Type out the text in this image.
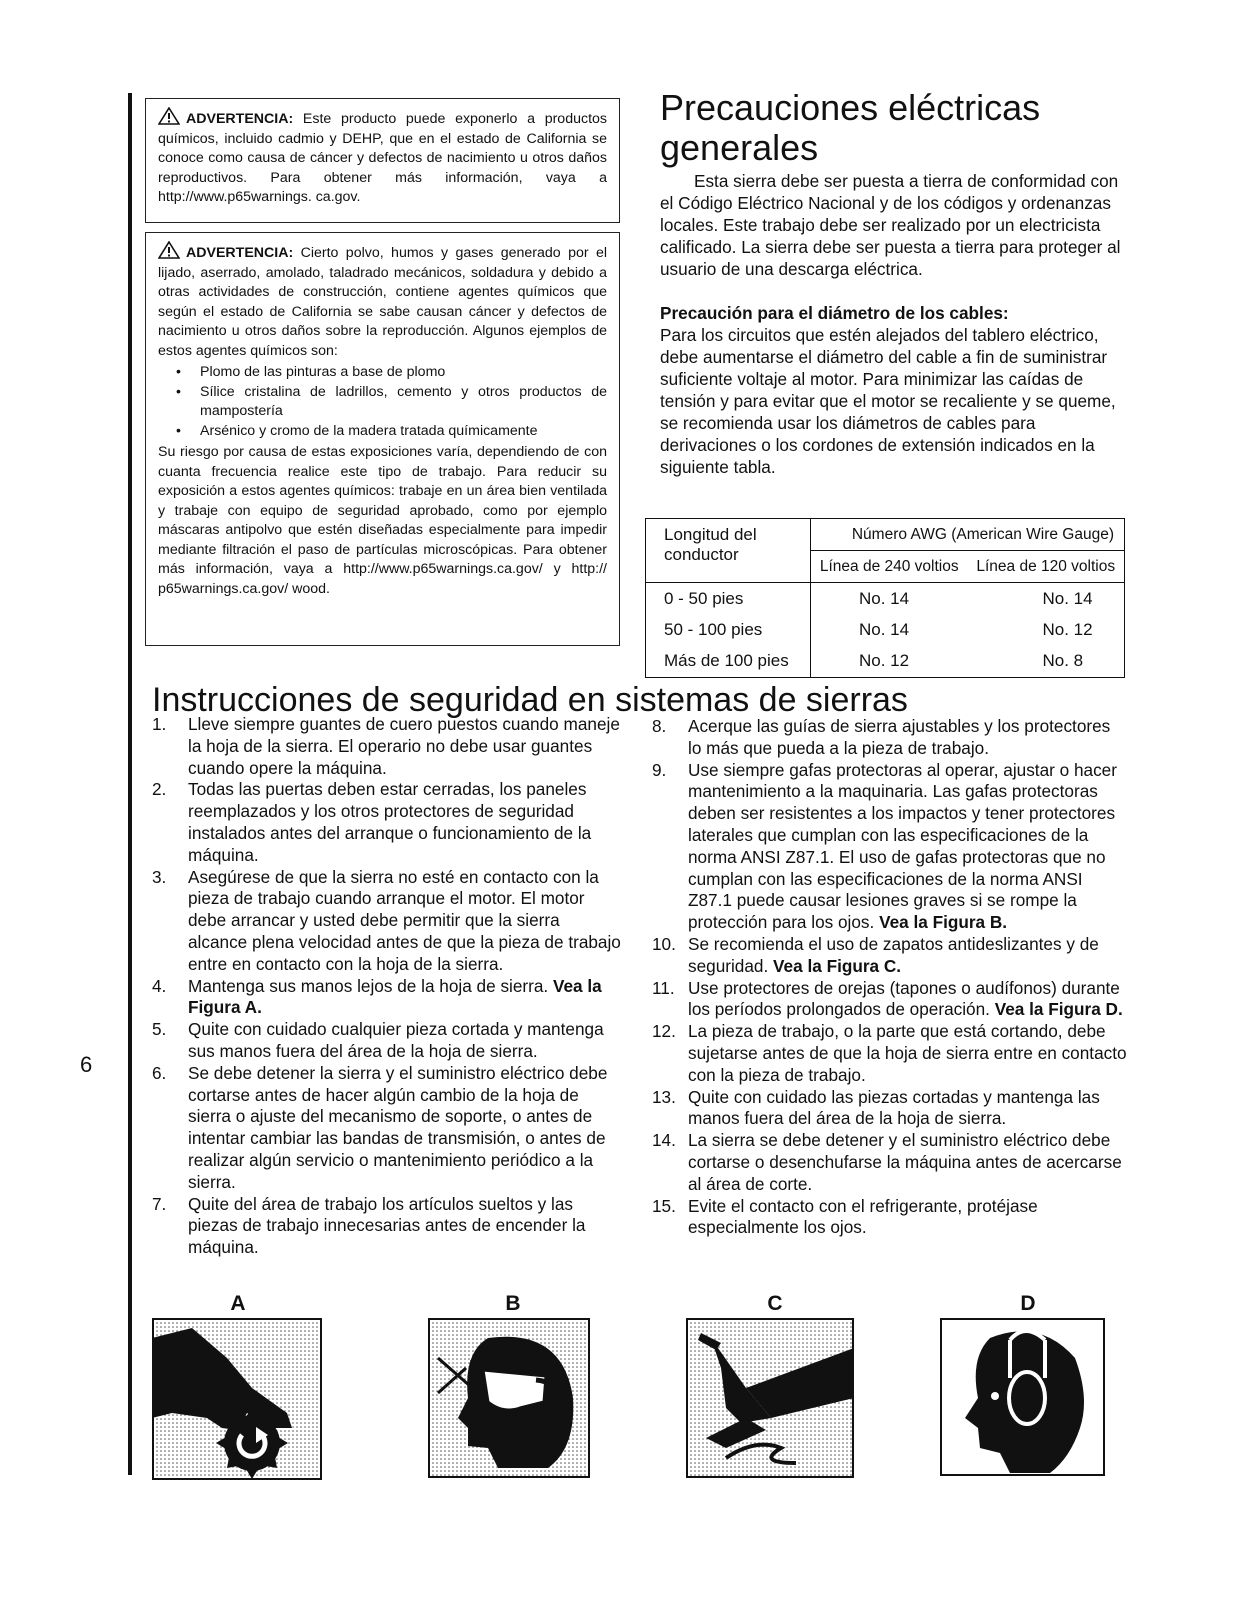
6
ADVERTENCIA: Este producto puede exponerlo a productos químicos, incluido cadmio y DEHP, que en el estado de California se conoce como causa de cáncer y defectos de nacimiento u otros daños reproductivos. Para obtener más información, vaya a http://www.p65warnings. ca.gov.
ADVERTENCIA: Cierto polvo, humos y gases generado por el lijado, aserrado, amolado, taladrado mecánicos, soldadura y debido a otras actividades de construcción, contiene agentes químicos que según el estado de California se sabe causan cáncer y defectos de nacimiento u otros daños sobre la reproducción. Algunos ejemplos de estos agentes químicos son:
• Plomo de las pinturas a base de plomo
• Sílice cristalina de ladrillos, cemento y otros productos de mampostería
• Arsénico y cromo de la madera tratada químicamente
Su riesgo por causa de estas exposiciones varía, dependiendo de con cuanta frecuencia realice este tipo de trabajo. Para reducir su exposición a estos agentes químicos: trabaje en un área bien ventilada y trabaje con equipo de seguridad aprobado, como por ejemplo máscaras antipolvo que estén diseñadas especialmente para impedir mediante filtración el paso de partículas microscópicas. Para obtener más información, vaya a http://www.p65warnings.ca.gov/ y http:// p65warnings.ca.gov/ wood.
Precauciones eléctricas
generales

Esta sierra debe ser puesta a tierra de conformidad con el Código Eléctrico Nacional y de los códigos y ordenanzas locales. Este trabajo debe ser realizado por un electricista calificado. La sierra debe ser puesta a tierra para proteger al usuario de una descarga eléctrica.

Precaución para el diámetro de los cables:

Para los circuitos que estén alejados del tablero eléctrico, debe aumentarse el diámetro del cable a fin de suministrar suficiente voltaje al motor. Para minimizar las caídas de tensión y para evitar que el motor se recaliente y se queme, se recomienda usar los diámetros de cables para derivaciones o los cordones de extensión indicados en la siguiente tabla.

Longitud del conductor	Número AWG (American Wire Gauge)	
	Línea de 240 voltios	Línea de 120 voltios
0 - 50 pies	No. 14	No. 14
50 - 100 pies	No. 14	No. 12
Más de 100 pies	No. 12	No. 8
Instrucciones de seguridad en sistemas de sierras
1. Lleve siempre guantes de cuero puestos cuando maneje la hoja de la sierra. El operario no debe usar guantes cuando opere la máquina.
2. Todas las puertas deben estar cerradas, los paneles reemplazados y los otros protectores de seguridad instalados antes del arranque o funcionamiento de la máquina.
3. Asegúrese de que la sierra no esté en contacto con la pieza de trabajo cuando arranque el motor. El motor debe arrancar y usted debe permitir que la sierra alcance plena velocidad antes de que la pieza de trabajo entre en contacto con la hoja de la sierra.
4. Mantenga sus manos lejos de la hoja de sierra. Vea la Figura A.
5. Quite con cuidado cualquier pieza cortada y mantenga sus manos fuera del área de la hoja de sierra.
6. Se debe detener la sierra y el suministro eléctrico debe cortarse antes de hacer algún cambio de la hoja de sierra o ajuste del mecanismo de soporte, o antes de intentar cambiar las bandas de transmisión, o antes de realizar algún servicio o mantenimiento periódico a la sierra.
7. Quite del área de trabajo los artículos sueltos y las piezas de trabajo innecesarias antes de encender la máquina.
8. Acerque las guías de sierra ajustables y los protectores lo más que pueda a la pieza de trabajo.
9. Use siempre gafas protectoras al operar, ajustar o hacer mantenimiento a la maquinaria. Las gafas protectoras deben ser resistentes a los impactos y tener protectores laterales que cumplan con las especificaciones de la norma ANSI Z87.1. El uso de gafas protectoras que no cumplan con las especificaciones de la norma ANSI Z87.1 puede causar lesiones graves si se rompe la protección para los ojos. Vea la Figura B.
10. Se recomienda el uso de zapatos antideslizantes y de seguridad. Vea la Figura C.
11. Use protectores de orejas (tapones o audífonos) durante los períodos prolongados de operación. Vea la Figura D.
12. La pieza de trabajo, o la parte que está cortando, debe sujetarse antes de que la hoja de sierra entre en contacto con la pieza de trabajo.
13. Quite con cuidado las piezas cortadas y mantenga las manos fuera del área de la hoja de sierra.
14. La sierra se debe detener y el suministro eléctrico debe cortarse o desenchufarse la máquina antes de acercarse al área de corte.
15. Evite el contacto con el refrigerante, protéjase especialmente los ojos.
A	B	C	D
